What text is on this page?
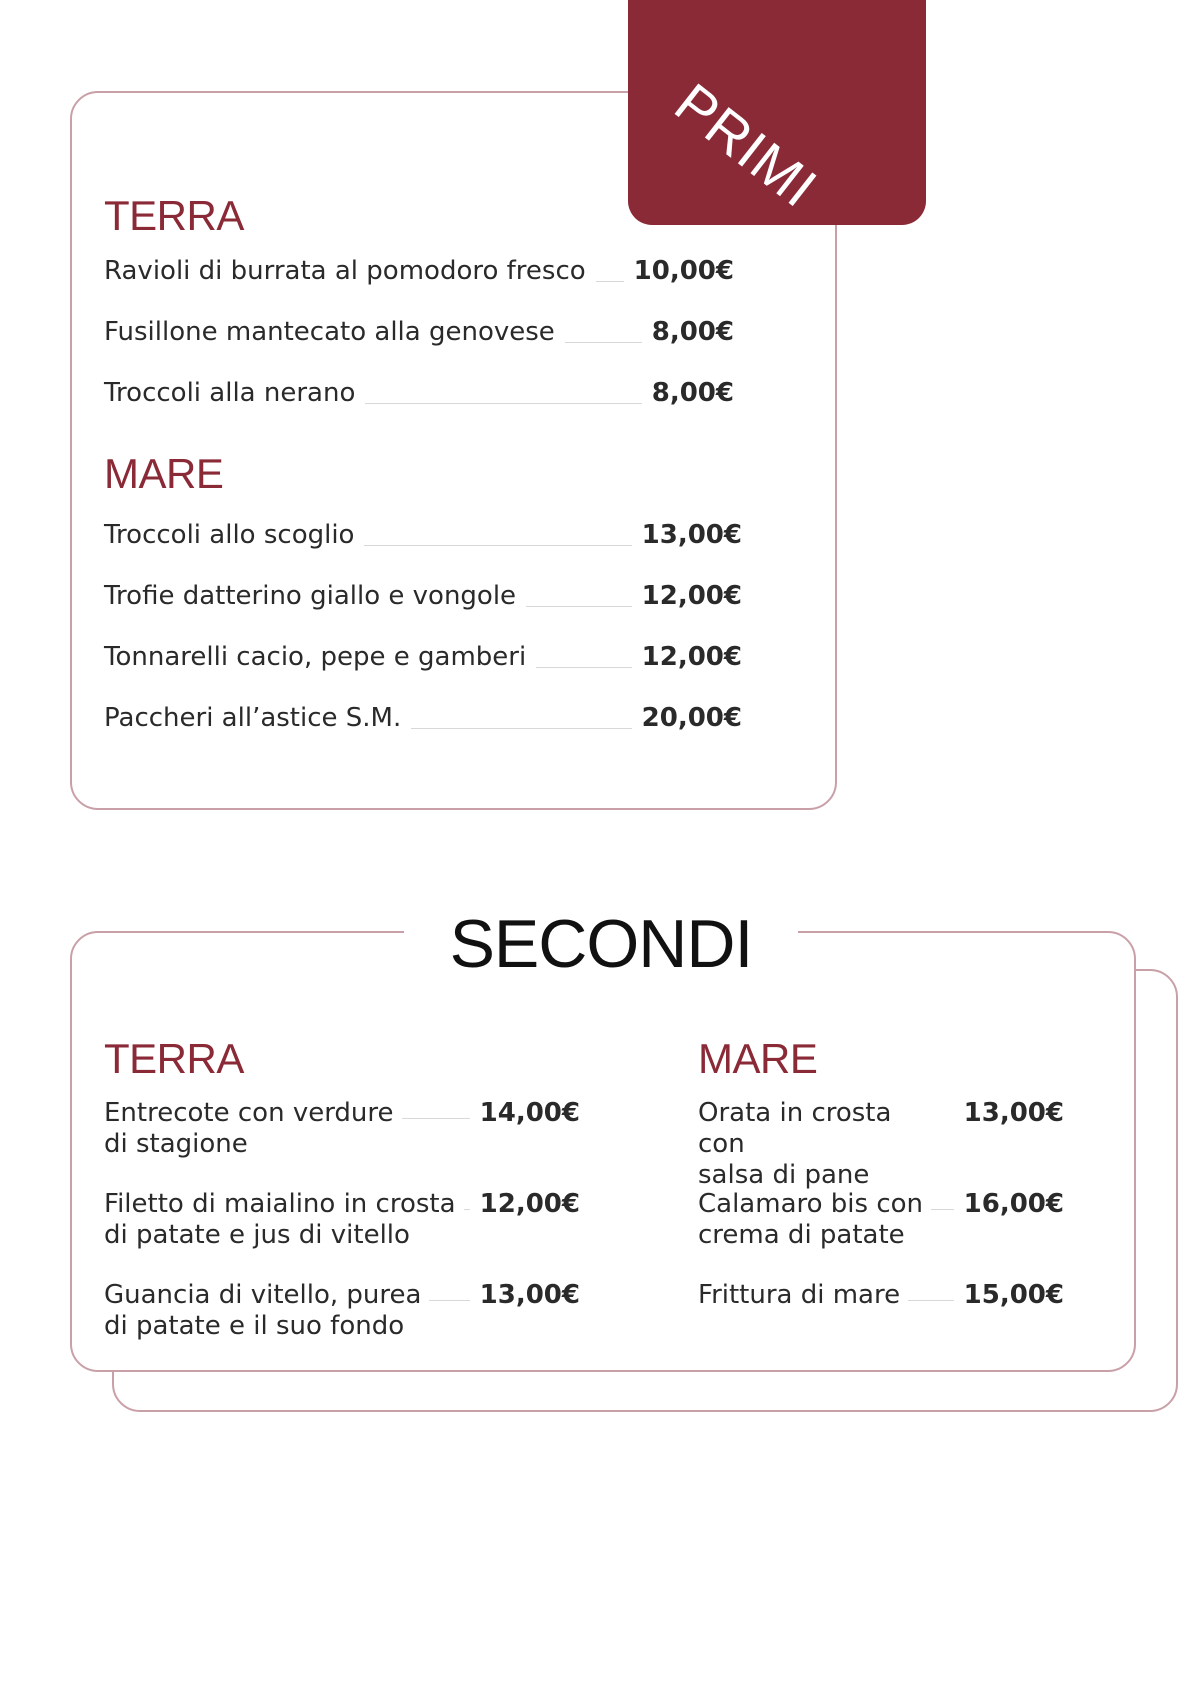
PRIMI
TERRA
Ravioli di burrata al pomodoro fresco 10,00€
Fusillone mantecato alla genovese	8,00€
Troccoli alla nerano	8,00€
MARE
Troccoli allo scoglio	13,00€
Trofie datterino giallo e vongole	12,00€
Tonnarelli cacio, pepe e gamberi	12,00€
Paccheri all’astice S.M.	20,00€
SECONDI
TERRA	MARE
Entrecote con verdure
di stagione
14,00€
Filetto di maialino in crosta
di patate e jus di vitello
12,00€
Guancia di vitello, purea
di patate e il suo fondo
13,00€
Orata in crosta con
salsa di pane
13,00€
Calamaro bis con
crema di patate
16,00€
Frittura di mare 15,00€
